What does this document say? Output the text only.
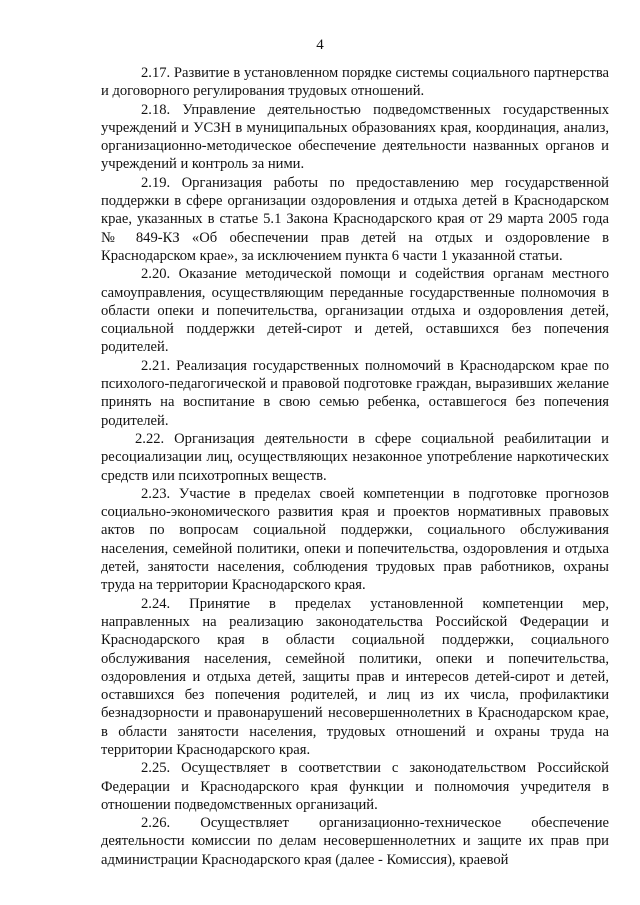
4

2.17. Развитие в установленном порядке системы социального партнерства и договорного регулирования трудовых отношений.

2.18. Управление деятельностью подведомственных государственных учреждений и УСЗН в муниципальных образованиях края, координация, анализ, организационно-методическое обеспечение деятельности названных органов и учреждений и контроль за ними.

2.19. Организация работы по предоставлению мер государственной поддержки в сфере организации оздоровления и отдыха детей в Краснодарском крае, указанных в статье 5.1 Закона Краснодарского края от 29 марта 2005 года № 849-КЗ «Об обеспечении прав детей на отдых и оздоровление в Краснодарском крае», за исключением пункта 6 части 1 указанной статьи.

2.20. Оказание методической помощи и содействия органам местного самоуправления, осуществляющим переданные государственные полномочия в области опеки и попечительства, организации отдыха и оздоровления детей, социальной поддержки детей-сирот и детей, оставшихся без попечения родителей.

2.21. Реализация государственных полномочий в Краснодарском крае по психолого-педагогической и правовой подготовке граждан, выразивших желание принять на воспитание в свою семью ребенка, оставшегося без попечения родителей.

2.22. Организация деятельности в сфере социальной реабилитации и ресоциализации лиц, осуществляющих незаконное употребление наркотических средств или психотропных веществ.

2.23. Участие в пределах своей компетенции в подготовке прогнозов социально-экономического развития края и проектов нормативных правовых актов по вопросам социальной поддержки, социального обслуживания населения, семейной политики, опеки и попечительства, оздоровления и отдыха детей, занятости населения, соблюдения трудовых прав работников, охраны труда на территории Краснодарского края.

2.24. Принятие в пределах установленной компетенции мер, направленных на реализацию законодательства Российской Федерации и Краснодарского края в области социальной поддержки, социального обслуживания населения, семейной политики, опеки и попечительства, оздоровления и отдыха детей, защиты прав и интересов детей-сирот и детей, оставшихся без попечения родителей, и лиц из их числа, профилактики безнадзорности и правонарушений несовершеннолетних в Краснодарском крае, в области занятости населения, трудовых отношений и охраны труда на территории Краснодарского края.

2.25. Осуществляет в соответствии с законодательством Российской Федерации и Краснодарского края функции и полномочия учредителя в отношении подведомственных организаций.

2.26. Осуществляет организационно-техническое обеспечение деятельности комиссии по делам несовершеннолетних и защите их прав при администрации Краснодарского края (далее - Комиссия), краевой
